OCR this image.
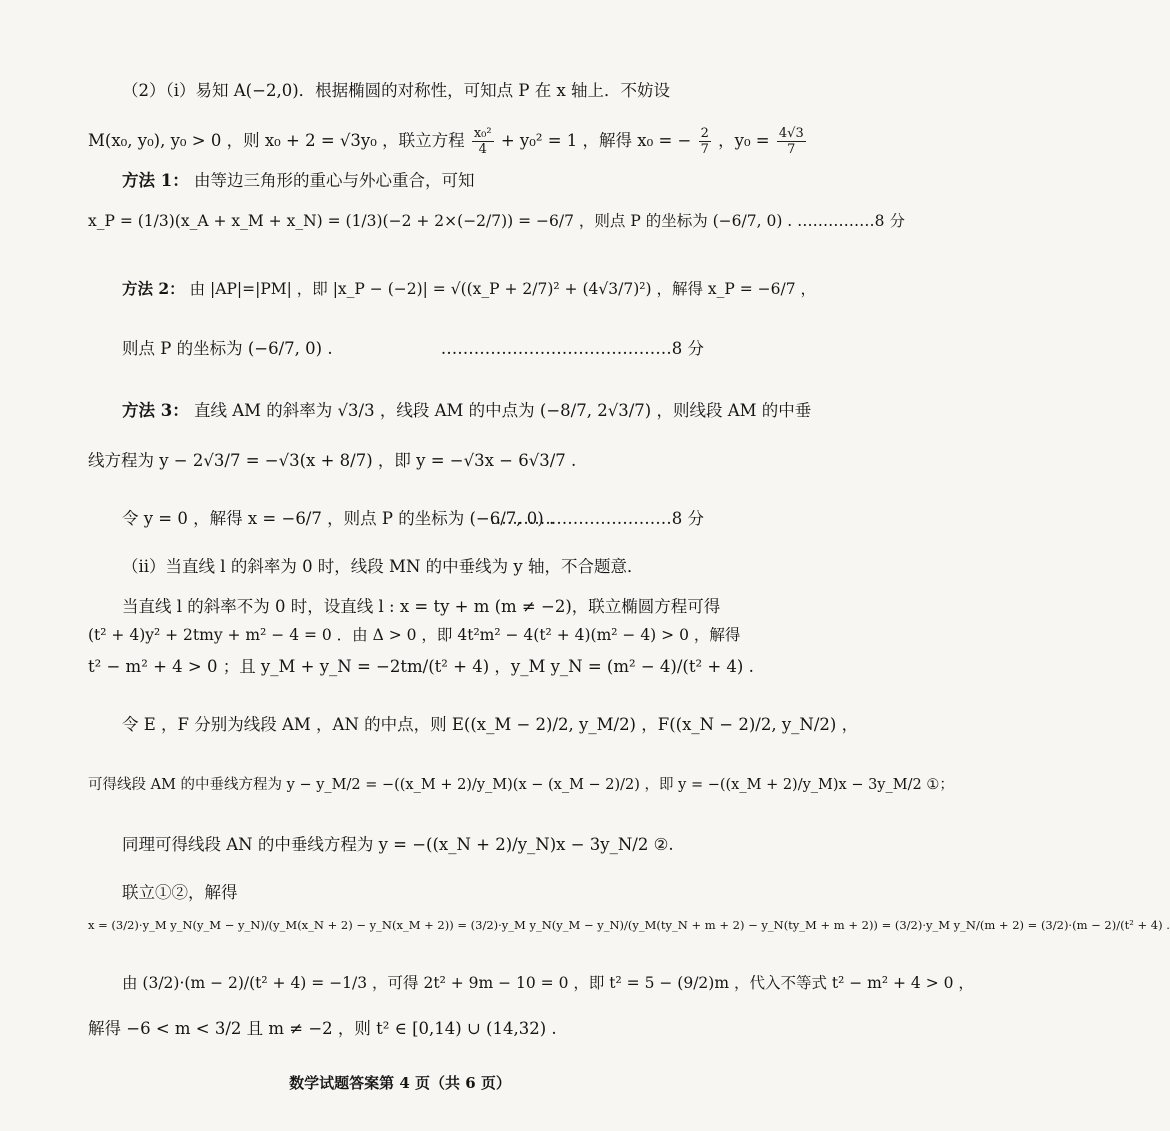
（2）（ⅰ）易知 A(−2,0)．根据椭圆的对称性，可知点 P 在 x 轴上．不妨设
M(x₀, y₀), y₀ > 0 ，则 x₀ + 2 = √3y₀ ，联立方程 $\frac{\text{x₀²}}{4} + y_0^2 = 1$ ，解得 x₀ = − $\frac{2}{7}$ ，$y_0 = \frac{4√3}{7}$
方法 1： 由等边三角形的重心与外心重合，可知
x_P = (1/3)(x_A + x_M + x_N) = (1/3)(−2 + 2×(−2/7)) = −6/7 ，则点 P 的坐标为 (−6/7, 0) . ……………8 分
方法 2： 由 |AP|=|PM| ，即 |x_P − (−2)| = √((x_P + 2/7)² + (4√3/7)²) ，解得 x_P = −6/7 ，
则点 P 的坐标为 (−6/7, 0) .	……………………………………8 分
方法 3： 直线 AM 的斜率为 √3/3 ，线段 AM 的中点为 (−8/7, 2√3/7) ，则线段 AM 的中垂
线方程为 y − 2√3/7 = −√3(x + 8/7) ，即 y = −√3x − 6√3/7 .
令 y = 0 ，解得 x = −6/7 ，则点 P 的坐标为 (−6/7, 0) .
……………………………8 分
（ⅱ）当直线 l 的斜率为 0 时，线段 MN 的中垂线为 y 轴，不合题意．
当直线 l 的斜率不为 0 时，设直线 l : x = ty + m (m ≠ −2)，联立椭圆方程可得
(t² + 4)y² + 2tmy + m² − 4 = 0 ．由 Δ > 0 ，即 4t²m² − 4(t² + 4)(m² − 4) > 0 ，解得
t² − m² + 4 > 0 ；且 y_M + y_N = −2tm/(t² + 4) ，y_M y_N = (m² − 4)/(t² + 4) .
令 E ，F 分别为线段 AM ，AN 的中点，则 E((x_M − 2)/2, y_M/2) ，F((x_N − 2)/2, y_N/2) ，
可得线段 AM 的中垂线方程为 y − y_M/2 = −((x_M + 2)/y_M)(x − (x_M − 2)/2) ，即 y = −((x_M + 2)/y_M)x − 3y_M/2 ①；
同理可得线段 AN 的中垂线方程为 y = −((x_N + 2)/y_N)x − 3y_N/2 ②.
联立①②，解得
x = (3/2)·y_M y_N(y_M − y_N)/(y_M(x_N + 2) − y_N(x_M + 2)) = (3/2)·y_M y_N(y_M − y_N)/(y_M(ty_N + m + 2) − y_N(ty_M + m + 2)) = (3/2)·y_M y_N/(m + 2) = (3/2)·(m − 2)/(t² + 4) .
由 (3/2)·(m − 2)/(t² + 4) = −1/3 ，可得 2t² + 9m − 10 = 0 ，即 t² = 5 − (9/2)m ，代入不等式 t² − m² + 4 > 0 ，
解得 −6 < m < 3/2 且 m ≠ −2 ，则 t² ∈ [0,14) ∪ (14,32) .
数学试题答案第 4 页（共 6 页）
